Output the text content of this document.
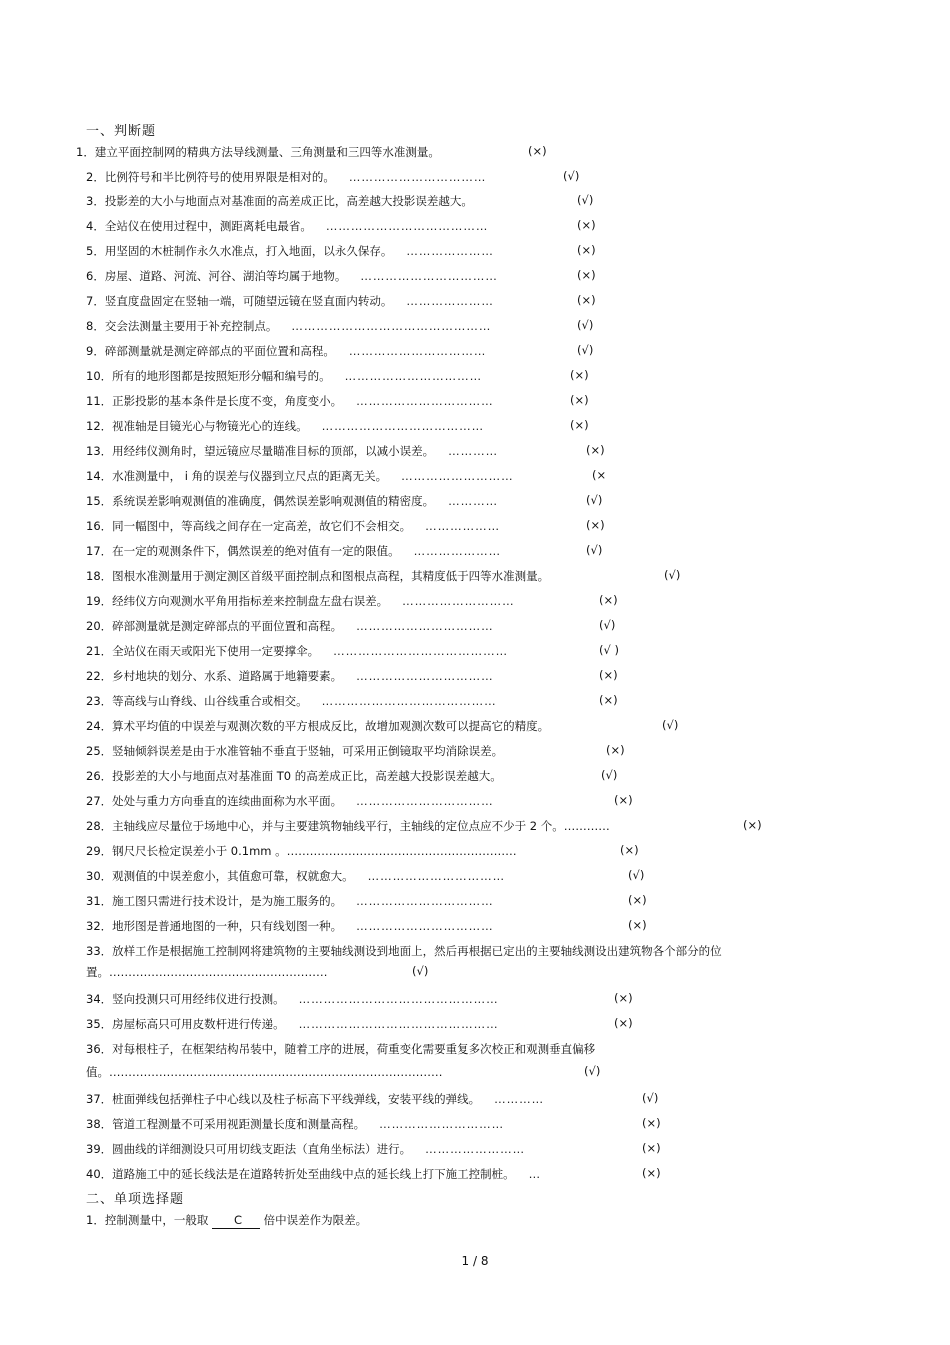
一、判断题
1．建立平面控制网的精典方法导线测量、三角测量和三四等水准测量。	(×)
2．比例符号和半比例符号的使用界限是相对的。 ……………………………	(√)
3．投影差的大小与地面点对基准面的高差成正比，高差越大投影误差越大。	(√)
4．全站仪在使用过程中，测距离耗电最省。 …………………………………	(×)
5．用坚固的木桩制作永久水准点，打入地面，以永久保存。 …………………	(×)
6．房屋、道路、河流、河谷、湖泊等均属于地物。 ……………………………	(×)
7．竖直度盘固定在竖轴一端，可随望远镜在竖直面内转动。 …………………	(×)
8．交会法测量主要用于补充控制点。 …………………………………………	(√)
9．碎部测量就是测定碎部点的平面位置和高程。 ……………………………	(√)
10．所有的地形图都是按照矩形分幅和编号的。 ……………………………	(×)
11．正影投影的基本条件是长度不变，角度变小。 ……………………………	(×)
12．视准轴是目镜光心与物镜光心的连线。 …………………………………	(×)
13．用经纬仪测角时，望远镜应尽量瞄准目标的顶部，以减小误差。 …………	(×)
14．水准测量中， i 角的误差与仪器到立尺点的距离无关。 ………………………	(×
15．系统误差影响观测值的准确度，偶然误差影响观测值的精密度。 …………	(√)
16．同一幅图中，等高线之间存在一定高差，故它们不会相交。 ………………	(×)
17．在一定的观测条件下，偶然误差的绝对值有一定的限值。 …………………	(√)
18．图根水准测量用于测定测区首级平面控制点和图根点高程，其精度低于四等水准测量。	(√)
19．经纬仪方向观测水平角用指标差来控制盘左盘右误差。 ………………………	(×)
20．碎部测量就是测定碎部点的平面位置和高程。 ……………………………	(√)
21．全站仪在雨天或阳光下使用一定要撑伞。 ……………………………………	(√ )
22．乡村地块的划分、水系、道路属于地籍要素。 ……………………………	(×)
23．等高线与山脊线、山谷线重合或相交。 ……………………………………	(×)
24．算术平均值的中误差与观测次数的平方根成反比，故增加观测次数可以提高它的精度。	(√)
25．竖轴倾斜误差是由于水准管轴不垂直于竖轴，可采用正倒镜取平均消除误差。	(×)
26．投影差的大小与地面点对基准面 T0 的高差成正比，高差越大投影误差越大。	(√)
27．处处与重力方向垂直的连续曲面称为水平面。 ……………………………	(×)
28．主轴线应尽量位于场地中心，并与主要建筑物轴线平行，主轴线的定位点应不少于 2 个。…………	(×)
29．钢尺尺长检定误差小于 0.1mm 。……………………………………………………	(×)
30．观测值的中误差愈小，其值愈可靠，权就愈大。 ……………………………	(√)
31．施工图只需进行技术设计，是为施工服务的。 ……………………………	(×)
32．地形图是普通地图的一种，只有线划图一种。 ……………………………	(×)
33．放样工作是根据施工控制网将建筑物的主要轴线测设到地面上，然后再根据已定出的主要轴线测设出建筑物各个部分的位
置。…………………………………………………	(√)
34．竖向投测只可用经纬仪进行投测。 …………………………………………	(×)
35．房屋标高只可用皮数杆进行传递。 …………………………………………	(×)
36．对每根柱子，在框架结构吊装中，随着工序的进展，荷重变化需要重复多次校正和观测垂直偏移
值。……………………………………………………………………………	(√)
37．桩面弹线包括弹柱子中心线以及柱子标高下平线弹线，安装平线的弹线。 …………	(√)
38．管道工程测量不可采用视距测量长度和测量高程。 …………………………	(×)
39．圆曲线的详细测设只可用切线支距法（直角坐标法）进行。 ……………………	(×)
40．道路施工中的延长线法是在道路转折处至曲线中点的延长线上打下施工控制桩。 …	(×)
二、单项选择题
1．控制测量中，一般取 C 倍中误差作为限差。
1 / 8
